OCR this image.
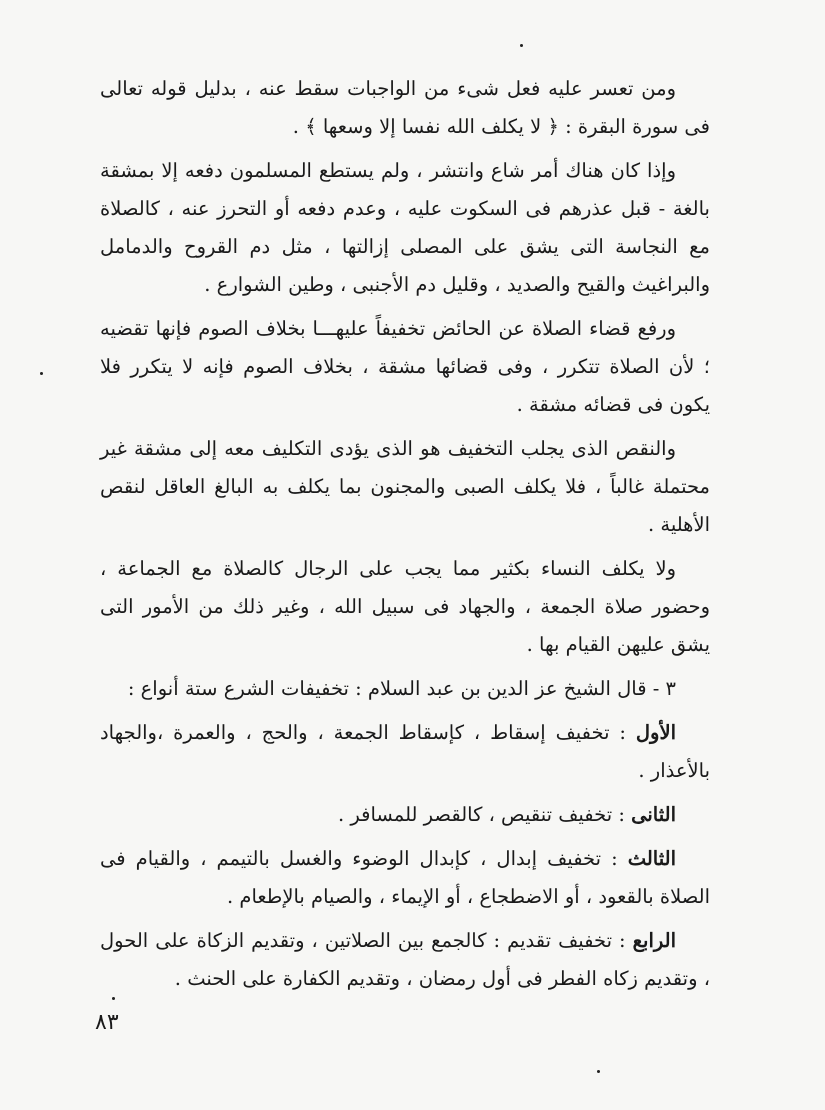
ومن تعسر عليه فعل شىء من الواجبات سقط عنه ، بدليل قوله تعالى فى سورة البقرة : ﴿ لا يكلف الله نفسا إلا وسعها ﴾ .

وإذا كان هناك أمر شاع وانتشر ، ولم يستطع المسلمون دفعه إلا بمشقة بالغة - قبل عذرهم فى السكوت عليه ، وعدم دفعه أو التحرز عنه ، كالصلاة مع النجاسة التى يشق على المصلى إزالتها ، مثل دم القروح والدمامل والبراغيث والقيح والصديد ، وقليل دم الأجنبى ، وطين الشوارع .

ورفع قضاء الصلاة عن الحائض تخفيفاً عليهـــا بخلاف الصوم فإنها تقضيه ؛ لأن الصلاة تتكرر ، وفى قضائها مشقة ، بخلاف الصوم فإنه لا يتكرر فلا يكون فى قضائه مشقة .

والنقص الذى يجلب التخفيف هو الذى يؤدى التكليف معه إلى مشقة غير محتملة غالباً ، فلا يكلف الصبى والمجنون بما يكلف به البالغ العاقل لنقص الأهلية .

ولا يكلف النساء بكثير مما يجب على الرجال كالصلاة مع الجماعة ، وحضور صلاة الجمعة ، والجهاد فى سبيل الله ، وغير ذلك من الأمور التى يشق عليهن القيام بها .

٣ - قال الشيخ عز الدين بن عبد السلام : تخفيفات الشرع ستة أنواع :

الأول : تخفيف إسقاط ، كإسقاط الجمعة ، والحج ، والعمرة ،والجهاد بالأعذار .

الثانى : تخفيف تنقيص ، كالقصر للمسافر .

الثالث : تخفيف إبدال ، كإبدال الوضوء والغسل بالتيمم ، والقيام فى الصلاة بالقعود ، أو الاضطجاع ، أو الإيماء ، والصيام بالإطعام .

الرابع : تخفيف تقديم : كالجمع بين الصلاتين ، وتقديم الزكاة على الحول ، وتقديم زكاه الفطر فى أول رمضان ، وتقديم الكفارة على الحنث .

٨٣
